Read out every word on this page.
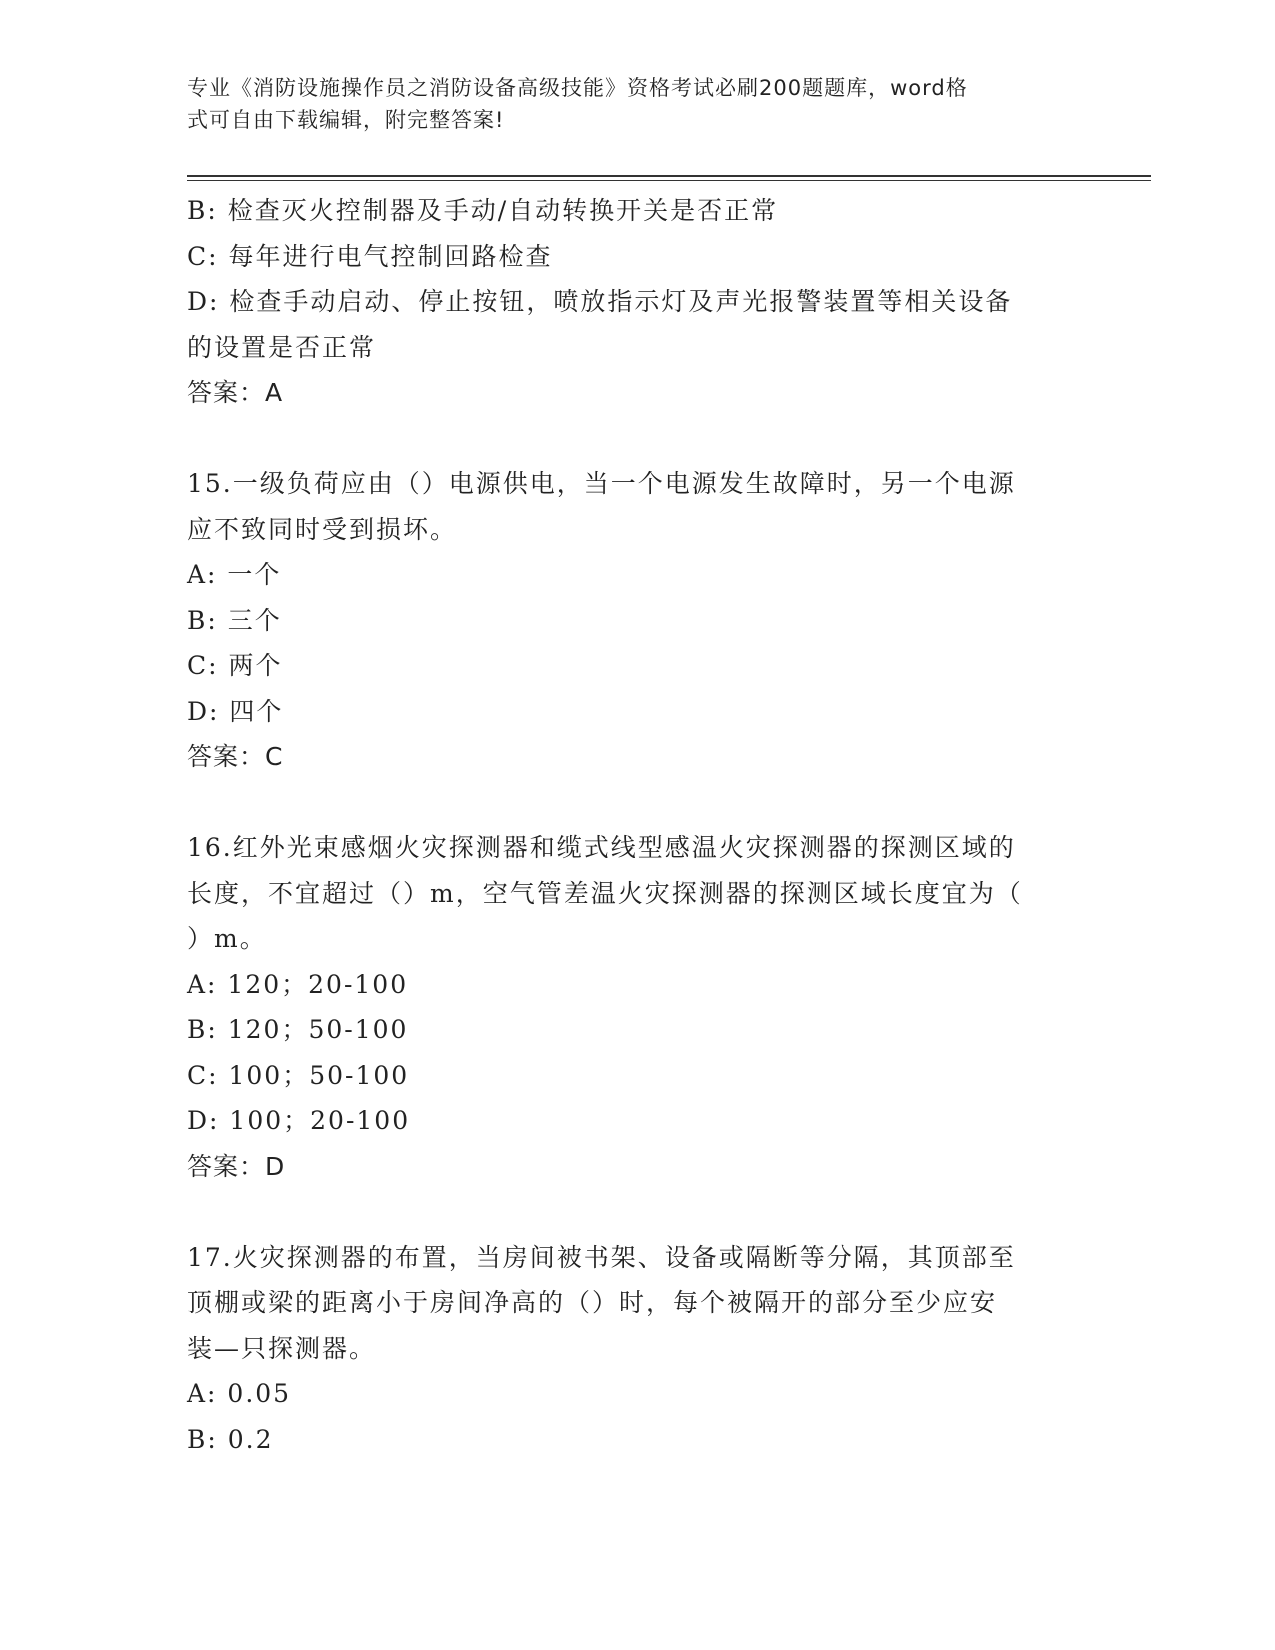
专业《消防设施操作员之消防设备高级技能》资格考试必刷200题题库，word格
式可自由下载编辑，附完整答案!

B: 检查灭火控制器及手动/自动转换开关是否正常

C: 每年进行电气控制回路检查

D: 检查手动启动、停止按钮，喷放指示灯及声光报警装置等相关设备

的设置是否正常

答案：A

15.一级负荷应由（）电源供电，当一个电源发生故障时，另一个电源

应不致同时受到损坏。

A: 一个

B: 三个

C: 两个

D: 四个

答案：C

16.红外光束感烟火灾探测器和缆式线型感温火灾探测器的探测区域的

长度，不宜超过（）m，空气管差温火灾探测器的探测区域长度宜为（

）m。

A: 120；20-100

B: 120；50-100

C: 100；50-100

D: 100；20-100

答案：D

17.火灾探测器的布置，当房间被书架、设备或隔断等分隔，其顶部至

顶棚或梁的距离小于房间净高的（）时，每个被隔开的部分至少应安

装—只探测器。

A: 0.05

B: 0.2
